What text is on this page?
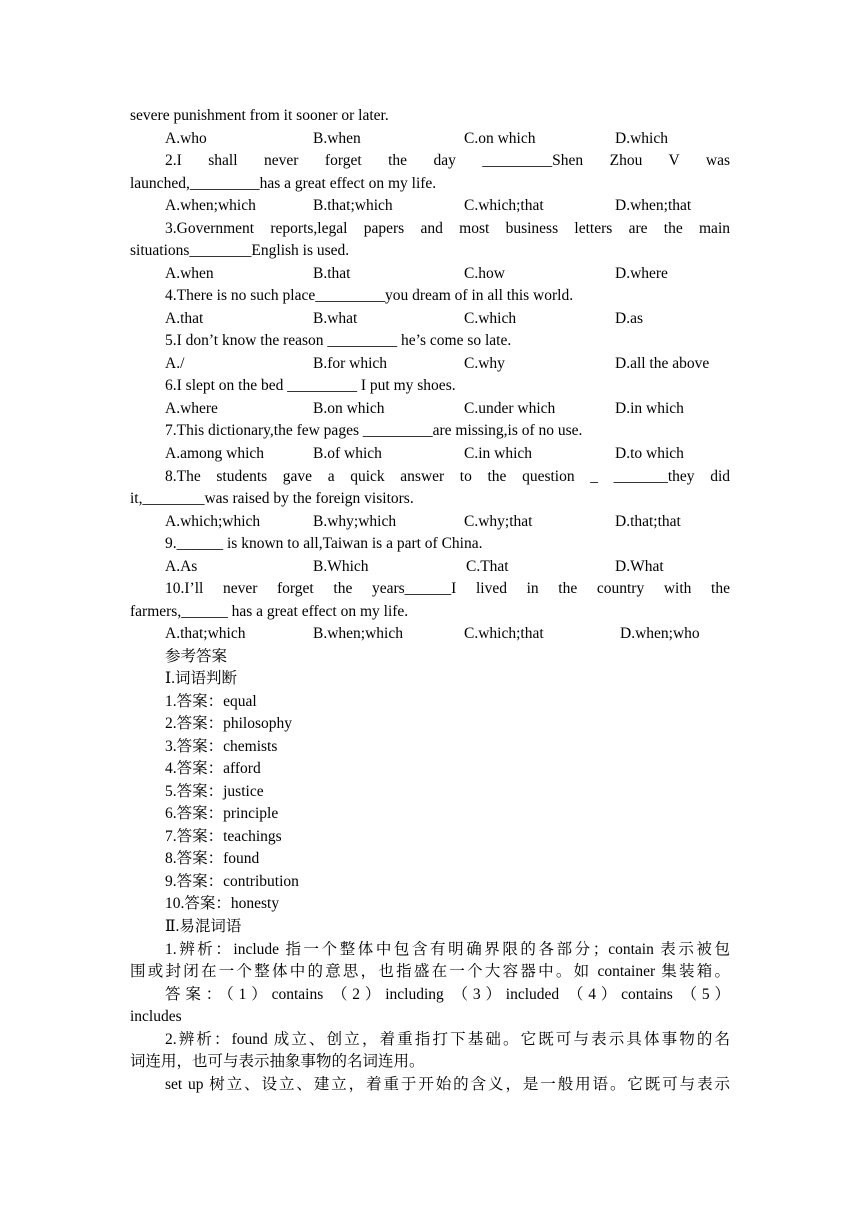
severe punishment from it sooner or later.
A.who	B.when	C.on which	D.which
2.I shall never forget the day _________Shen Zhou V was
launched,_________has a great effect on my life.
A.when;which	B.that;which	C.which;that	D.when;that
3.Government reports,legal papers and most business letters are the main
situations________English is used.
A.when	B.that	C.how	D.where
4.There is no such place_________you dream of in all this world.
A.that	B.what	C.which	D.as
5.I don’t know the reason _________ he’s come so late.
A./	B.for which	C.why	D.all the above
6.I slept on the bed _________ I put my shoes.
A.where	B.on which	C.under which	D.in which
7.This dictionary,the few pages _________are missing,is of no use.
A.among which	B.of which	C.in which	D.to which
8.The students gave a quick answer to the question _ _______they did
it,________was raised by the foreign visitors.
A.which;which	B.why;which	C.why;that	D.that;that
9.______ is known to all,Taiwan is a part of China.
A.As	B.Which	C.That	D.What
10.I’ll never forget the years______I lived in the country with the
farmers,______ has a great effect on my life.
A.that;which	B.when;which	C.which;that	D.when;who
参考答案
Ⅰ.词语判断
1.答案：equal
2.答案：philosophy
3.答案：chemists
4.答案：afford
5.答案：justice
6.答案：principle
7.答案：teachings
8.答案：found
9.答案：contribution
10.答案：honesty
Ⅱ.易混词语
1.辨析：include 指一个整体中包含有明确界限的各部分；contain 表示被包
围或封闭在一个整体中的意思，也指盛在一个大容器中。如 container 集装箱。
答案：（1）contains （2）including （3）included （4）contains （5）
includes
2.辨析：found 成立、创立，着重指打下基础。它既可与表示具体事物的名
词连用，也可与表示抽象事物的名词连用。
set up 树立、设立、建立，着重于开始的含义，是一般用语。它既可与表示
